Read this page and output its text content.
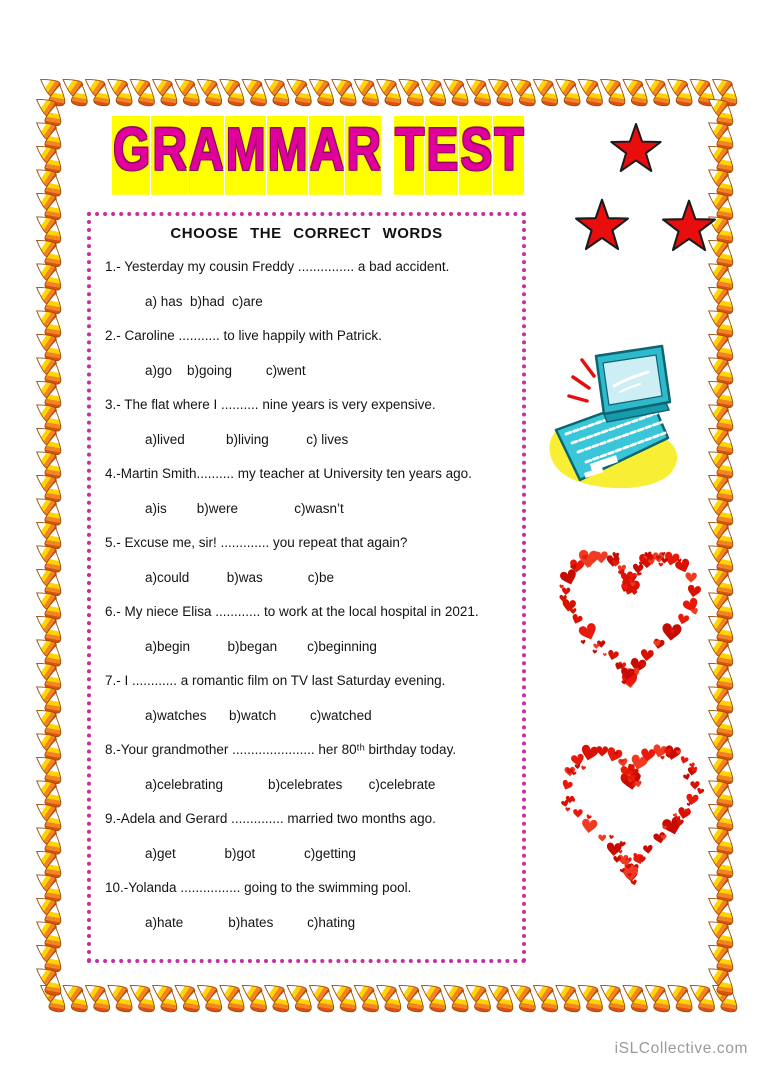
GRAMMAR TEST
CHOOSE THE CORRECT WORDS
1.- Yesterday my cousin Freddy ............... a bad accident.
a) has  b)had  c)are
2.- Caroline ........... to live happily with Patrick.
a)go    b)going         c)went
3.- The flat where I .......... nine years is very expensive.
a)lived           b)living          c) lives
4.-Martin Smith.......... my teacher at University ten years ago.
a)is        b)were               c)wasn’t
5.- Excuse me, sir! ............. you repeat that again?
a)could          b)was            c)be
6.- My niece Elisa ............ to work at the local hospital in 2021.
a)begin          b)began        c)beginning
7.- I ............ a romantic film on TV last Saturday evening.
a)watches      b)watch         c)watched
8.-Your grandmother ...................... her 80ᵗʰ birthday today.
a)celebrating            b)celebrates       c)celebrate
9.-Adela and Gerard .............. married two months ago.
a)get             b)got             c)getting
10.-Yolanda ................ going to the swimming pool.
a)hate            b)hates         c)hating
iSLCollective.com
